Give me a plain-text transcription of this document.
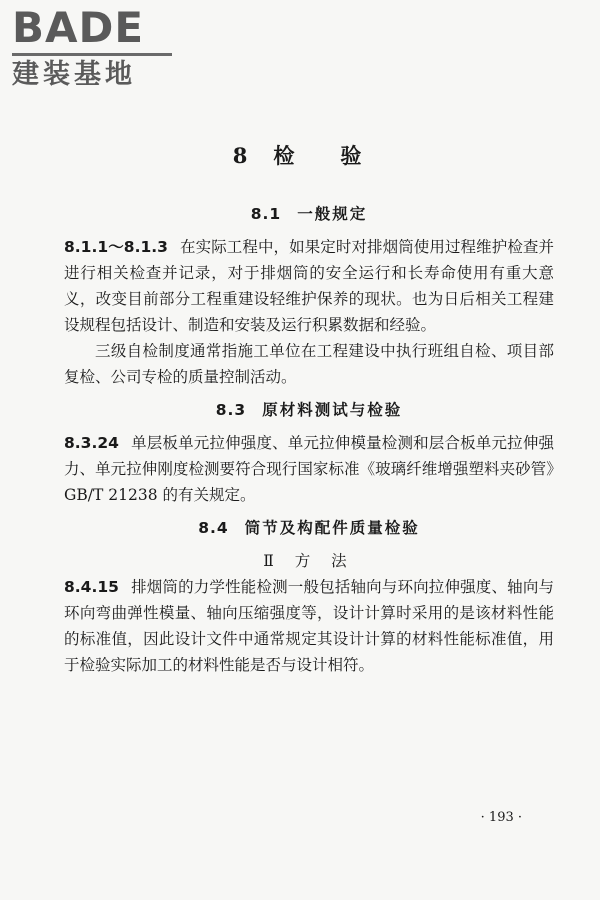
BADE
建装基地
8 检 验
8.1 一般规定

8.1.1～8.1.3 在实际工程中，如果定时对排烟筒使用过程维护检查并进行相关检查并记录，对于排烟筒的安全运行和长寿命使用有重大意义，改变目前部分工程重建设轻维护保养的现状。也为日后相关工程建设规程包括设计、制造和安装及运行积累数据和经验。

三级自检制度通常指施工单位在工程建设中执行班组自检、项目部复检、公司专检的质量控制活动。

8.3 原材料测试与检验

8.3.24 单层板单元拉伸强度、单元拉伸模量检测和层合板单元拉伸强力、单元拉伸刚度检测要符合现行国家标准《玻璃纤维增强塑料夹砂管》GB/T 21238 的有关规定。

8.4 筒节及构配件质量检验
Ⅱ 方 法

8.4.15 排烟筒的力学性能检测一般包括轴向与环向拉伸强度、轴向与环向弯曲弹性模量、轴向压缩强度等，设计计算时采用的是该材料性能的标准值，因此设计文件中通常规定其设计计算的材料性能标准值，用于检验实际加工的材料性能是否与设计相符。

· 193 ·
